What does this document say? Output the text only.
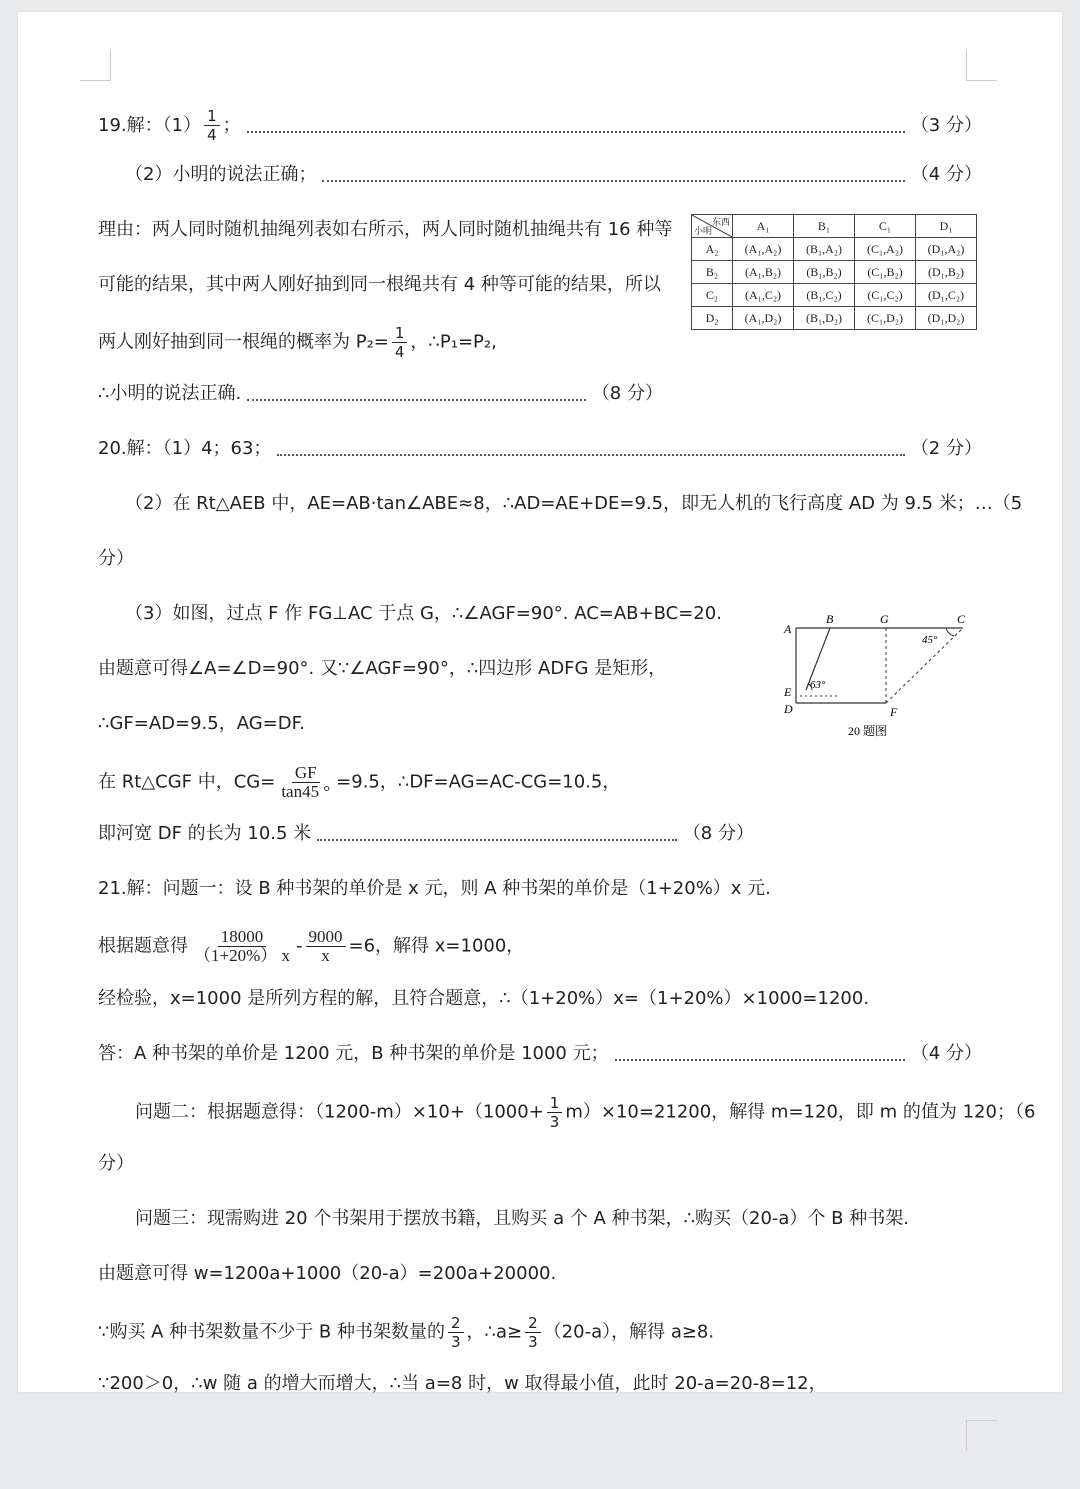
19.解：$(1) \frac{1}{4}$ ；	（3 分）
（2）小明的说法正确；	（4 分）
理由：两人同时随机抽绳列表如右所示，两人同时随机抽绳共有 16 种等
可能的结果，其中两人刚好抽到同一根绳共有 4 种等可能的结果，所以
两人刚好抽到同一根绳的概率为 $P_2= \frac{1}{4}$ ，∴P₁=P₂,
∴小明的说法正确.	（8 分）
东西
小明	A₁	B₁	C₁	D₁
A₂	(A₁,A₂)	(B₁,A₂)	(C₁,A₂)	(D₁,A₂)
B₂	(A₁,B₂)	(B₁,B₂)	(C₁,B₂)	(D₁,B₂)
C₂	(A₁,C₂)	(B₁,C₂)	(C₁,C₂)	(D₁,C₂)
D₂	(A₁,D₂)	(B₁,D₂)	(C₁,D₂)	(D₁,D₂)
20.解：（1）4；63；	（2 分）
（2）在 Rt△AEB 中，AE=AB·tan∠ABE≈8，∴AD=AE+DE=9.5，即无人机的飞行高度 AD 为 9.5 米；…（5
分）
（3）如图，过点 F 作 FG⊥AC 于点 G，∴∠AGF=90°. AC=AB+BC=20.
由题意可得∠A=∠D=90°. 又∵∠AGF=90°，∴四边形 ADFG 是矩形，
∴GF=AD=9.5，AG=DF.
在 Rt△CGF 中，$CG= \frac{GF}{\tan 45 ^\circ} =9.5$，∴DF=AG=AC-CG=10.5，
即河宽 DF 的长为 10.5 米	（8 分）
A
B	G	C
E
D	F
63°
45°
20 题图
21.解：问题一：设 B 种书架的单价是 x 元，则 A 种书架的单价是（1+20%）x 元.
根据题意得 $\frac{18000}{(1+20\%) x} - \frac{9000}{x} =6$，解得 x=1000，
经检验，x=1000 是所列方程的解，且符合题意，∴（1+20%）x=（1+20%）×1000=1200.
答：A 种书架的单价是 1200 元，B 种书架的单价是 1000 元；	（4 分）
问题二：根据题意得：$(1200-m)\times 10+(1000+ \frac{1}{3} m)\times 10=21200$，解得 m=120，即 m 的值为 120；（6
分）
问题三：现需购进 20 个书架用于摆放书籍，且购买 a 个 A 种书架，∴购买（20-a）个 B 种书架.
由题意可得 w=1200a+1000（20-a）=200a+20000.
∵购买 A 种书架数量不少于 B 种书架数量的 $\frac{2}{3}$ ，∴a≥ $\frac{2}{3} (20-a)$，解得 a≥8.
∵200＞0，∴w 随 a 的增大而增大，∴当 a=8 时，w 取得最小值，此时 20-a=20-8=12，
